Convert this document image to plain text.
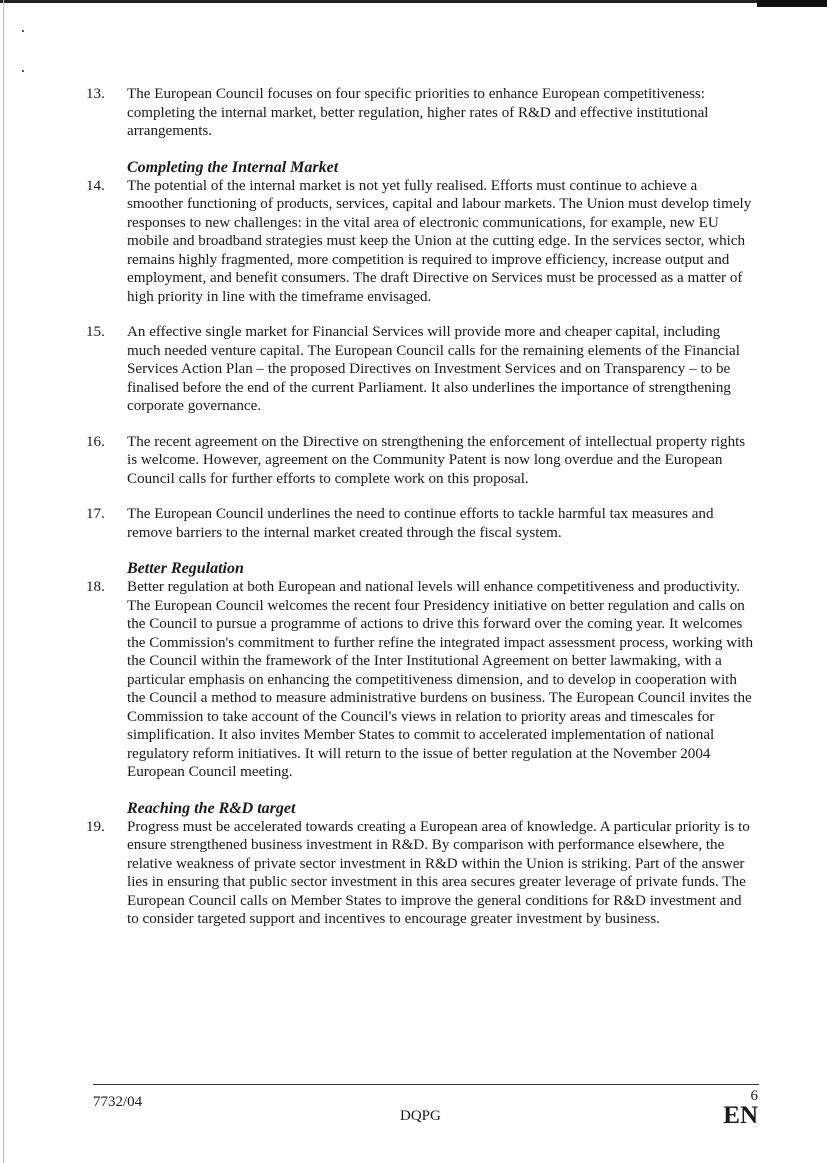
13.	The European Council focuses on four specific priorities to enhance European competitiveness: completing the internal market, better regulation, higher rates of R&D and effective institutional arrangements.
Completing the Internal Market
14.	The potential of the internal market is not yet fully realised. Efforts must continue to achieve a smoother functioning of products, services, capital and labour markets. The Union must develop timely responses to new challenges: in the vital area of electronic communications, for example, new EU mobile and broadband strategies must keep the Union at the cutting edge. In the services sector, which remains highly fragmented, more competition is required to improve efficiency, increase output and employment, and benefit consumers. The draft Directive on Services must be processed as a matter of high priority in line with the timeframe envisaged.
15.	An effective single market for Financial Services will provide more and cheaper capital, including much needed venture capital. The European Council calls for the remaining elements of the Financial Services Action Plan – the proposed Directives on Investment Services and on Transparency – to be finalised before the end of the current Parliament. It also underlines the importance of strengthening corporate governance.
16.	The recent agreement on the Directive on strengthening the enforcement of intellectual property rights is welcome. However, agreement on the Community Patent is now long overdue and the European Council calls for further efforts to complete work on this proposal.
17.	The European Council underlines the need to continue efforts to tackle harmful tax measures and remove barriers to the internal market created through the fiscal system.
Better Regulation
18.	Better regulation at both European and national levels will enhance competitiveness and productivity. The European Council welcomes the recent four Presidency initiative on better regulation and calls on the Council to pursue a programme of actions to drive this forward over the coming year. It welcomes the Commission's commitment to further refine the integrated impact assessment process, working with the Council within the framework of the Inter Institutional Agreement on better lawmaking, with a particular emphasis on enhancing the competitiveness dimension, and to develop in cooperation with the Council a method to measure administrative burdens on business. The European Council invites the Commission to take account of the Council's views in relation to priority areas and timescales for simplification. It also invites Member States to commit to accelerated implementation of national regulatory reform initiatives. It will return to the issue of better regulation at the November 2004 European Council meeting.
Reaching the R&D target
19.	Progress must be accelerated towards creating a European area of knowledge. A particular priority is to ensure strengthened business investment in R&D. By comparison with performance elsewhere, the relative weakness of private sector investment in R&D within the Union is striking. Part of the answer lies in ensuring that public sector investment in this area secures greater leverage of private funds. The European Council calls on Member States to improve the general conditions for R&D investment and to consider targeted support and incentives to encourage greater investment by business.
7732/04
DQPG
6
EN
